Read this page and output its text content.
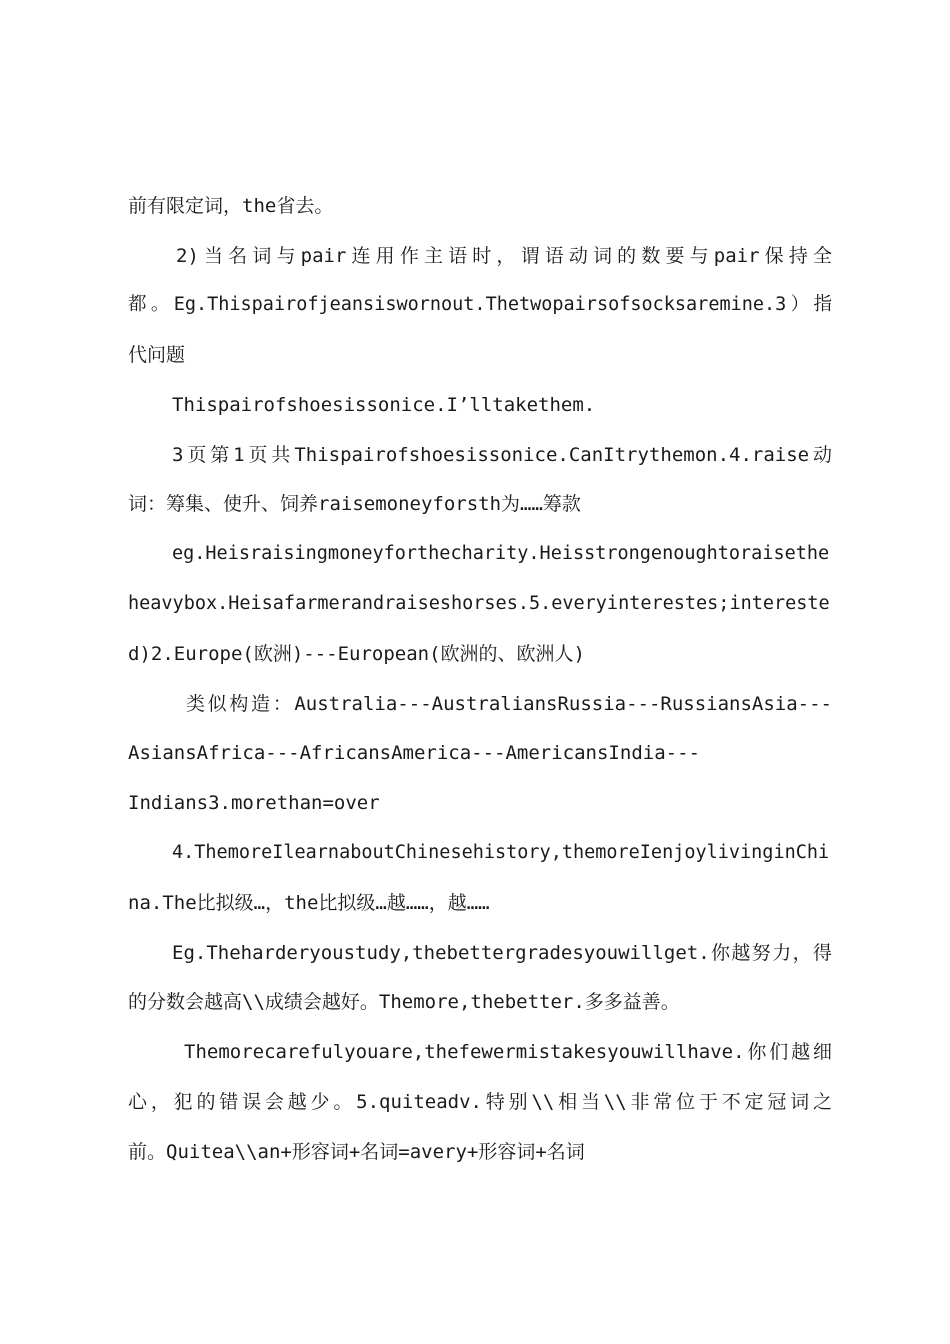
前有限定词，the省去。
2)当名词与pair连用作主语时，谓语动词的数要与pair保持全
都。Eg.Thispairofjeansiswornout.Thetwopairsofsocksaremine.3）指
代问题
Thispairofshoesissonice.I’lltakethem.
3页第1页共Thispairofshoesissonice.CanItrythemon.4.raise动
词：筹集、使升、饲养raisemoneyforsth为……筹款
eg.Heisraisingmoneyforthecharity.Heisstrongenoughtoraisethe
heavybox.Heisafarmerandraiseshorses.5.everyinterestes;intereste
d)2.Europe(欧洲)---European(欧洲的、欧洲人)
类似构造：Australia---AustraliansRussia---RussiansAsia---
AsiansAfrica---AfricansAmerica---AmericansIndia---
Indians3.morethan=over
4.ThemoreIlearnaboutChinesehistory,themoreIenjoylivinginChi
na.The比拟级…，the比拟级…越……，越……
Eg.Theharderyoustudy,thebettergradesyouwillget.你越努力，得
的分数会越高\\成绩会越好。Themore,thebetter.多多益善。
Themorecarefulyouare,thefewermistakesyouwillhave.你们越细
心，犯的错误会越少。5.quiteadv.特别\\相当\\非常位于不定冠词之
前。Quitea\\an+形容词+名词=avery+形容词+名词
